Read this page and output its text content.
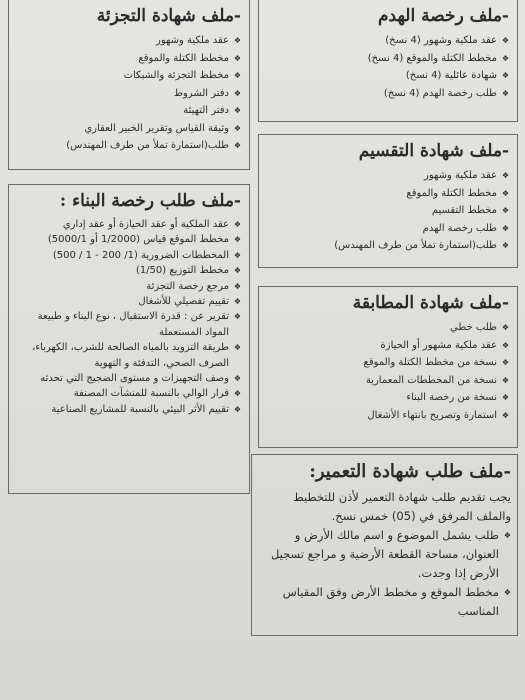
-ملف رخصة الهدم
❖ عقد ملكية وشهور (4 نسخ)
❖ مخطط الكتلة والموقع (4 نسخ)
❖ شهادة عائلية (4 نسخ)
❖ طلب رخصة الهدم (4 نسخ)
-ملف شهادة التقسيم
❖ عقد ملكية وشهور
❖ مخطط الكتلة والموقع
❖ مخطط التقسيم
❖ طلب رخصة الهدم
❖ طلب(استمارة تملأ من طرف المهندس)
-ملف شهادة المطابقة
❖ طلب خطي
❖ عقد ملكية مشهور أو الحيازة
❖ نسخة من مخطط الكتلة والموقع
❖ نسخة من المخططات المعمارية
❖ نسخة من رخصة البناء
❖ استمارة وتصريح بانتهاء الأشغال
-ملف طلب شهادة التعمير:
يجب تقديم طلب شهادة التعمير لأذن للتخطيط والملف المرفق في (05) خمس نسخ.
❖ طلب يشمل الموضوع و اسم مالك الأرض و العنوان، مساحة القطعة الأرضية و مراجع تسجيل الأرض إذا وجدت.
❖ مخطط الموقع و مخطط الأرض وفق المقياس المناسب
-ملف شهادة التجزئة
❖ عقد ملكية وشهور
❖ مخطط الكتلة والموقع
❖ مخطط التجزئة والشبكات
❖ دفتر الشروط
❖ دفتر التهيئة
❖ وثيقة القياس وتقرير الخبير العقاري
❖ طلب(استمارة تملأ من طرف المهندس)
-ملف طلب رخصة البناء :
❖ عقد الملكية أو عقد الحيازة أو عقد إداري
❖ مخطط الموقع قياس (1/2000 أو 5000/1)
❖ المخططات الضرورية (1/ 200 - 1 / 500)
❖ مخطط التوزيع (1/50)
❖ مرجع رخصة التجزئة
❖ تقييم تفصيلي للأشغال
❖ تقرير عن : قدرة الاستقبال ، نوع البناء و طبيعة المواد المستعملة
❖ طريقة التزويد بالمياه الصالحة للشرب، الكهرباء، الصرف الصحي، التدفئة و التهوية
❖ وصف التجهيزات و مستوى الضجيج التي تحدثه
❖ قرار الوالي بالنسبة للمنشآت المصنفة
❖ تقييم الأثر البيئي بالنسبة للمشاريع الصناعية
